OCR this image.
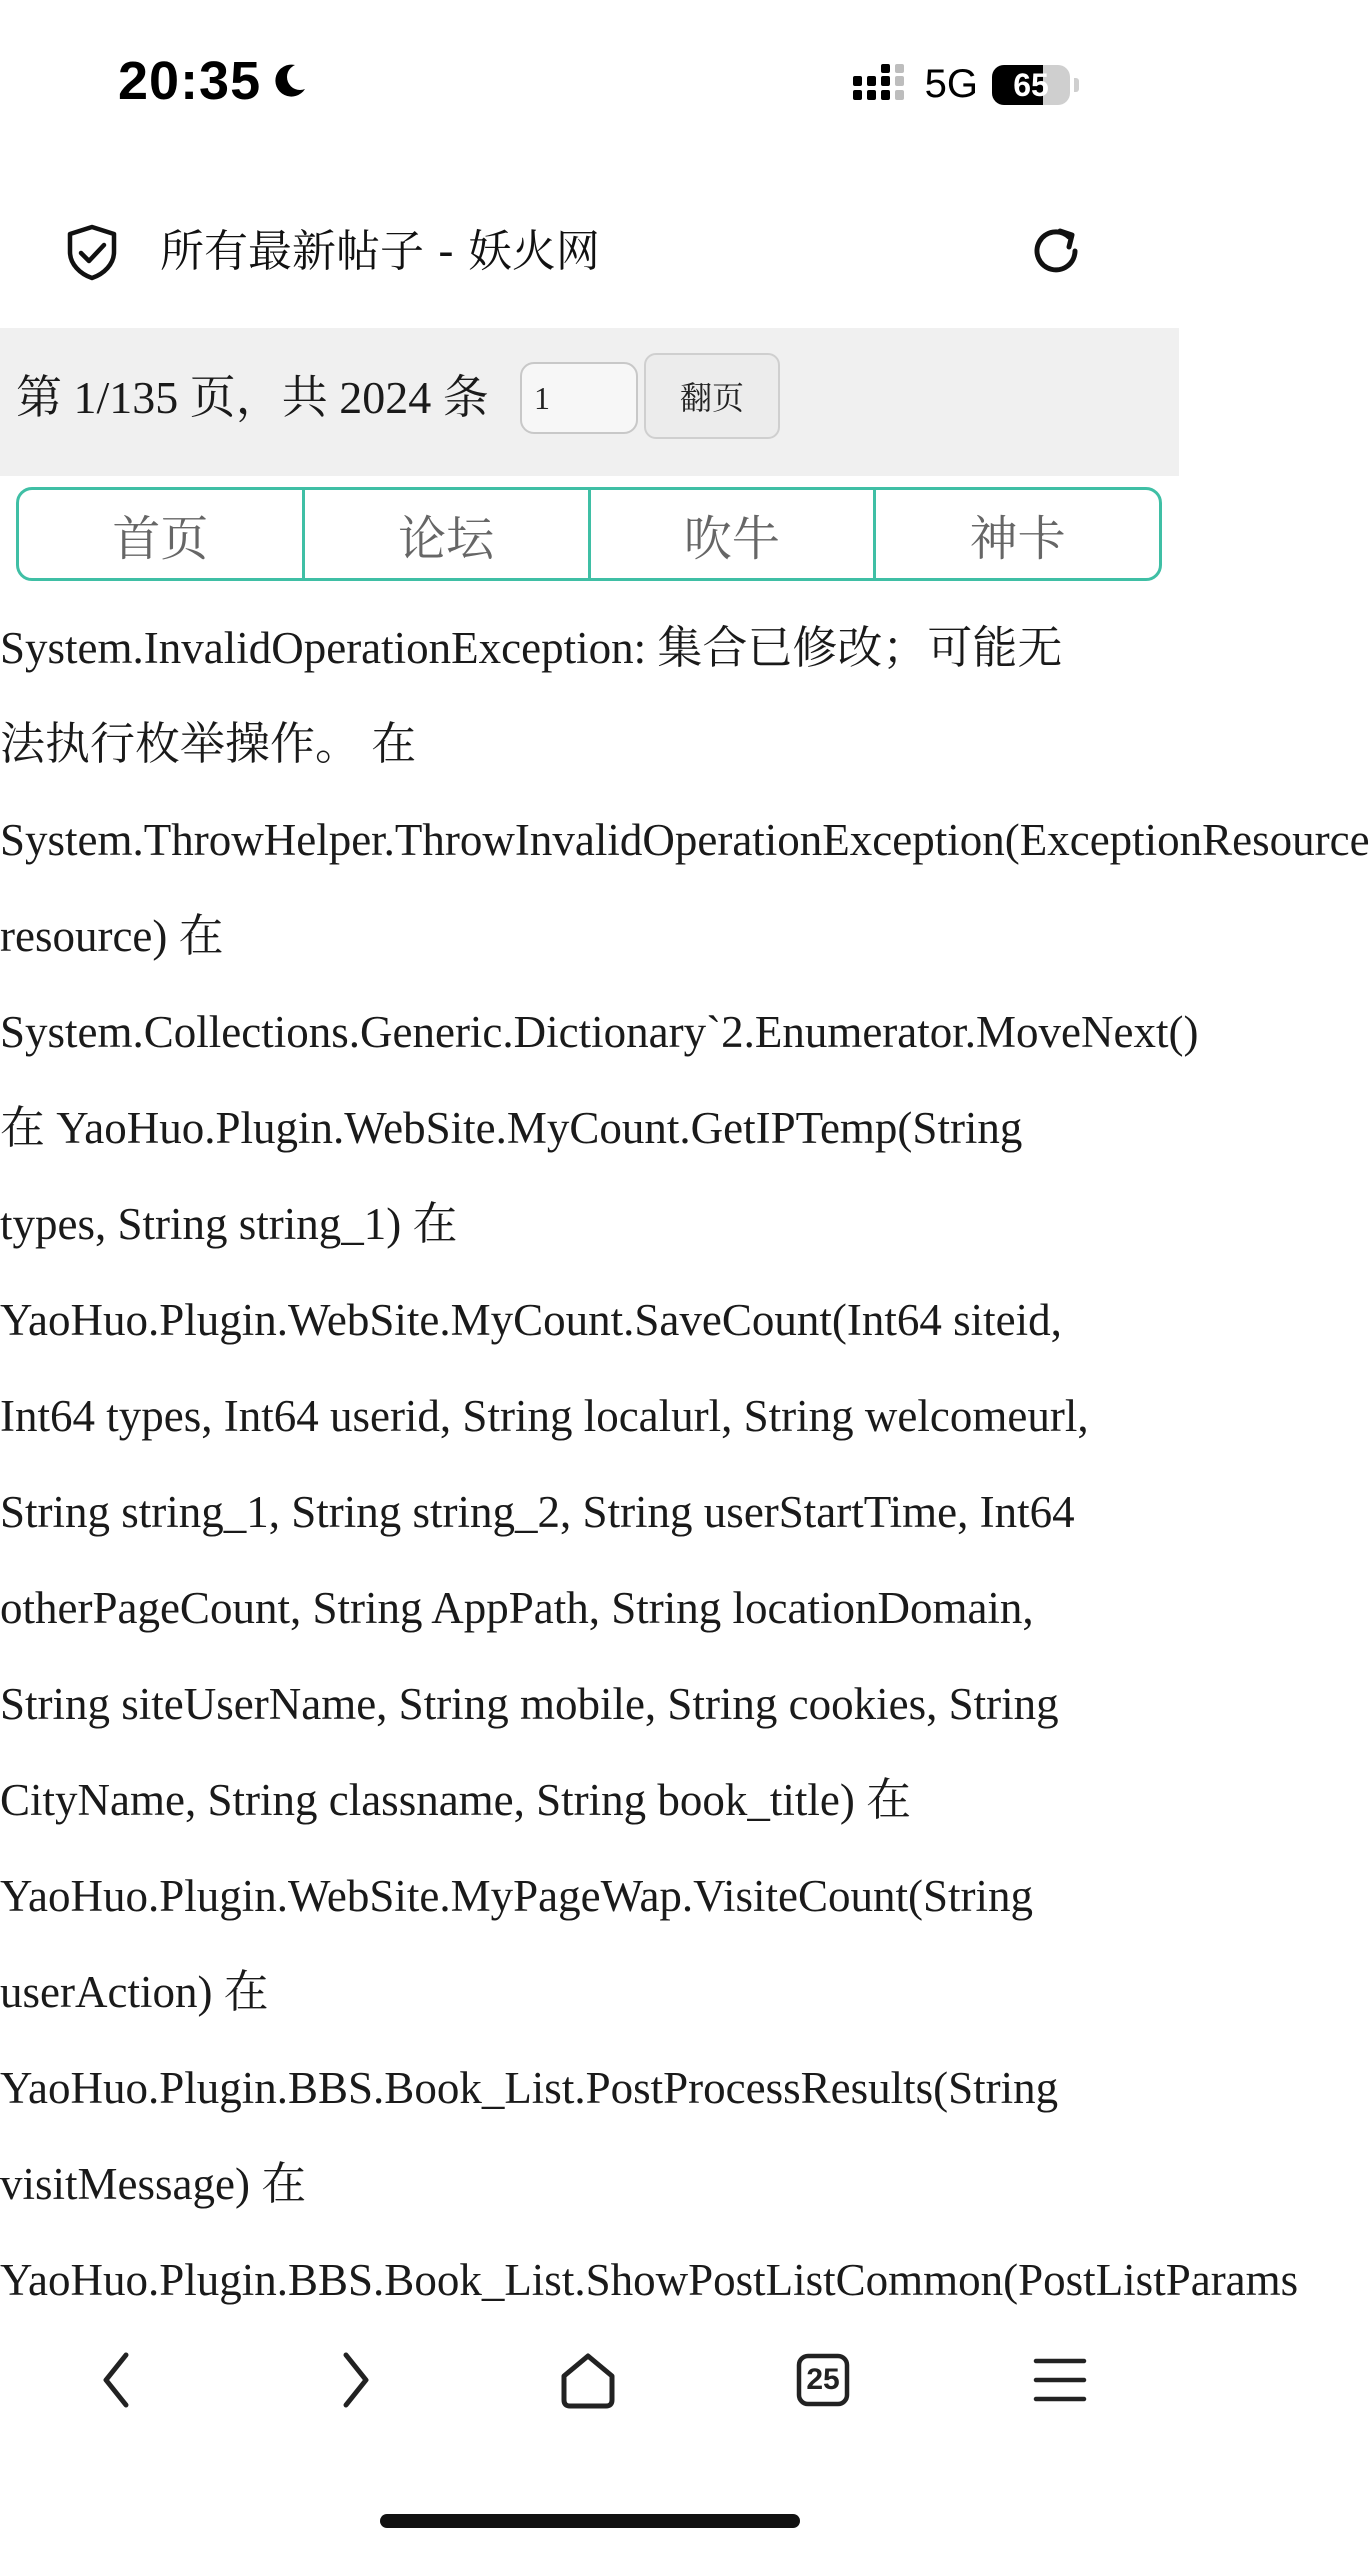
20:35	5G	65
所有最新帖子 - 妖火网
第 1/135 页，共 2024 条
1	翻页
首页	论坛	吹牛	神卡
System.InvalidOperationException: 集合已修改；可能无
法执行枚举操作。 在
System.ThrowHelper.ThrowInvalidOperationException(ExceptionResource
resource) 在
System.Collections.Generic.Dictionary`2.Enumerator.MoveNext()
在 YaoHuo.Plugin.WebSite.MyCount.GetIPTemp(String
types, String string_1) 在
YaoHuo.Plugin.WebSite.MyCount.SaveCount(Int64 siteid,
Int64 types, Int64 userid, String localurl, String welcomeurl,
String string_1, String string_2, String userStartTime, Int64
otherPageCount, String AppPath, String locationDomain,
String siteUserName, String mobile, String cookies, String
CityName, String classname, String book_title) 在
YaoHuo.Plugin.WebSite.MyPageWap.VisiteCount(String
userAction) 在
YaoHuo.Plugin.BBS.Book_List.PostProcessResults(String
visitMessage) 在
YaoHuo.Plugin.BBS.Book_List.ShowPostListCommon(PostListParams
25
